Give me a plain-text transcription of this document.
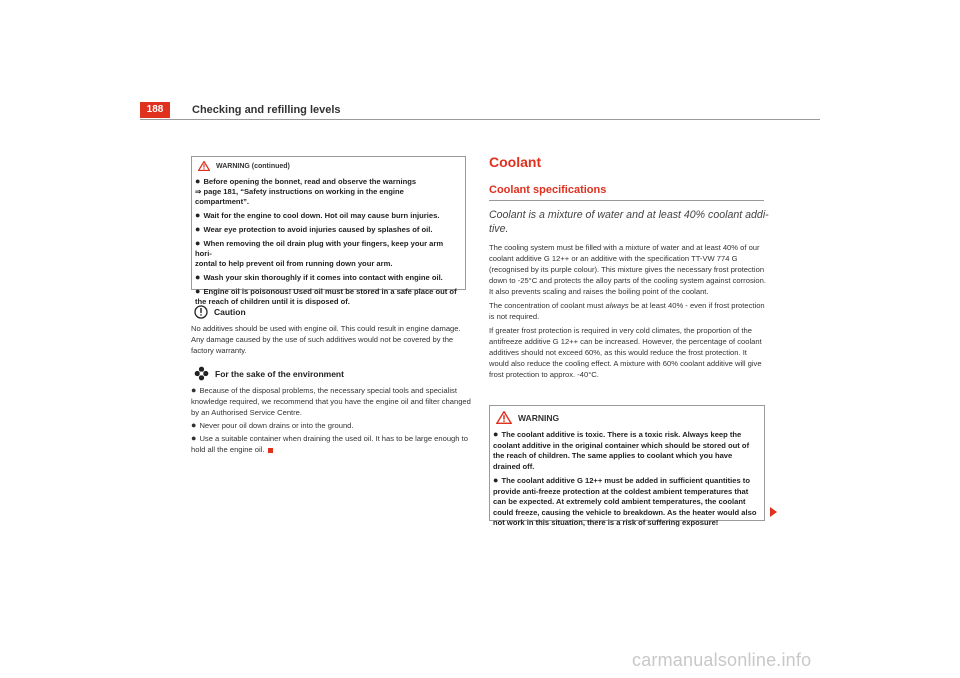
188	Checking and refilling levels
WARNING (continued)
● Before opening the bonnet, read and observe the warnings
⇒ page 181, “Safety instructions on working in the engine compartment”.
● Wait for the engine to cool down. Hot oil may cause burn injuries.
● Wear eye protection to avoid injuries caused by splashes of oil.
● When removing the oil drain plug with your fingers, keep your arm hori-
zontal to help prevent oil from running down your arm.
● Wash your skin thoroughly if it comes into contact with engine oil.
● Engine oil is poisonous! Used oil must be stored in a safe place out of
the reach of children until it is disposed of.
Caution

No additives should be used with engine oil. This could result in engine damage. Any damage caused by the use of such additives would not be covered by the factory warranty.

For the sake of the environment
● Because of the disposal problems, the necessary special tools and specialist knowledge required, we recommend that you have the engine oil and filter changed by an Authorised Service Centre.
● Never pour oil down drains or into the ground.
● Use a suitable container when draining the used oil. It has to be large enough to hold all the engine oil.
Coolant
Coolant specifications
Coolant is a mixture of water and at least 40% coolant addi-tive.

The cooling system must be filled with a mixture of water and at least 40% of our coolant additive G 12++ or an additive with the specification TT-VW 774 G (recognised by its purple colour). This mixture gives the necessary frost protection down to -25°C and protects the alloy parts of the cooling system against corrosion. It also prevents scaling and raises the boiling point of the coolant.

The concentration of coolant must always be at least 40% - even if frost protection is not required.

If greater frost protection is required in very cold climates, the proportion of the antifreeze additive G 12++ can be increased. However, the percentage of coolant additives should not exceed 60%, as this would reduce the frost protection. It would also reduce the cooling effect. A mixture with 60% coolant additive will give frost protection to approx. -40°C.

WARNING
● The coolant additive is toxic. There is a toxic risk. Always keep the coolant additive in the original container which should be stored out of the reach of children. The same applies to coolant which you have drained off.
● The coolant additive G 12++ must be added in sufficient quantities to provide anti-freeze protection at the coldest ambient temperatures that can be expected. At extremely cold ambient temperatures, the coolant could freeze, causing the vehicle to breakdown. As the heater would also not work in this situation, there is a risk of suffering exposure!
carmanualsonline.info
